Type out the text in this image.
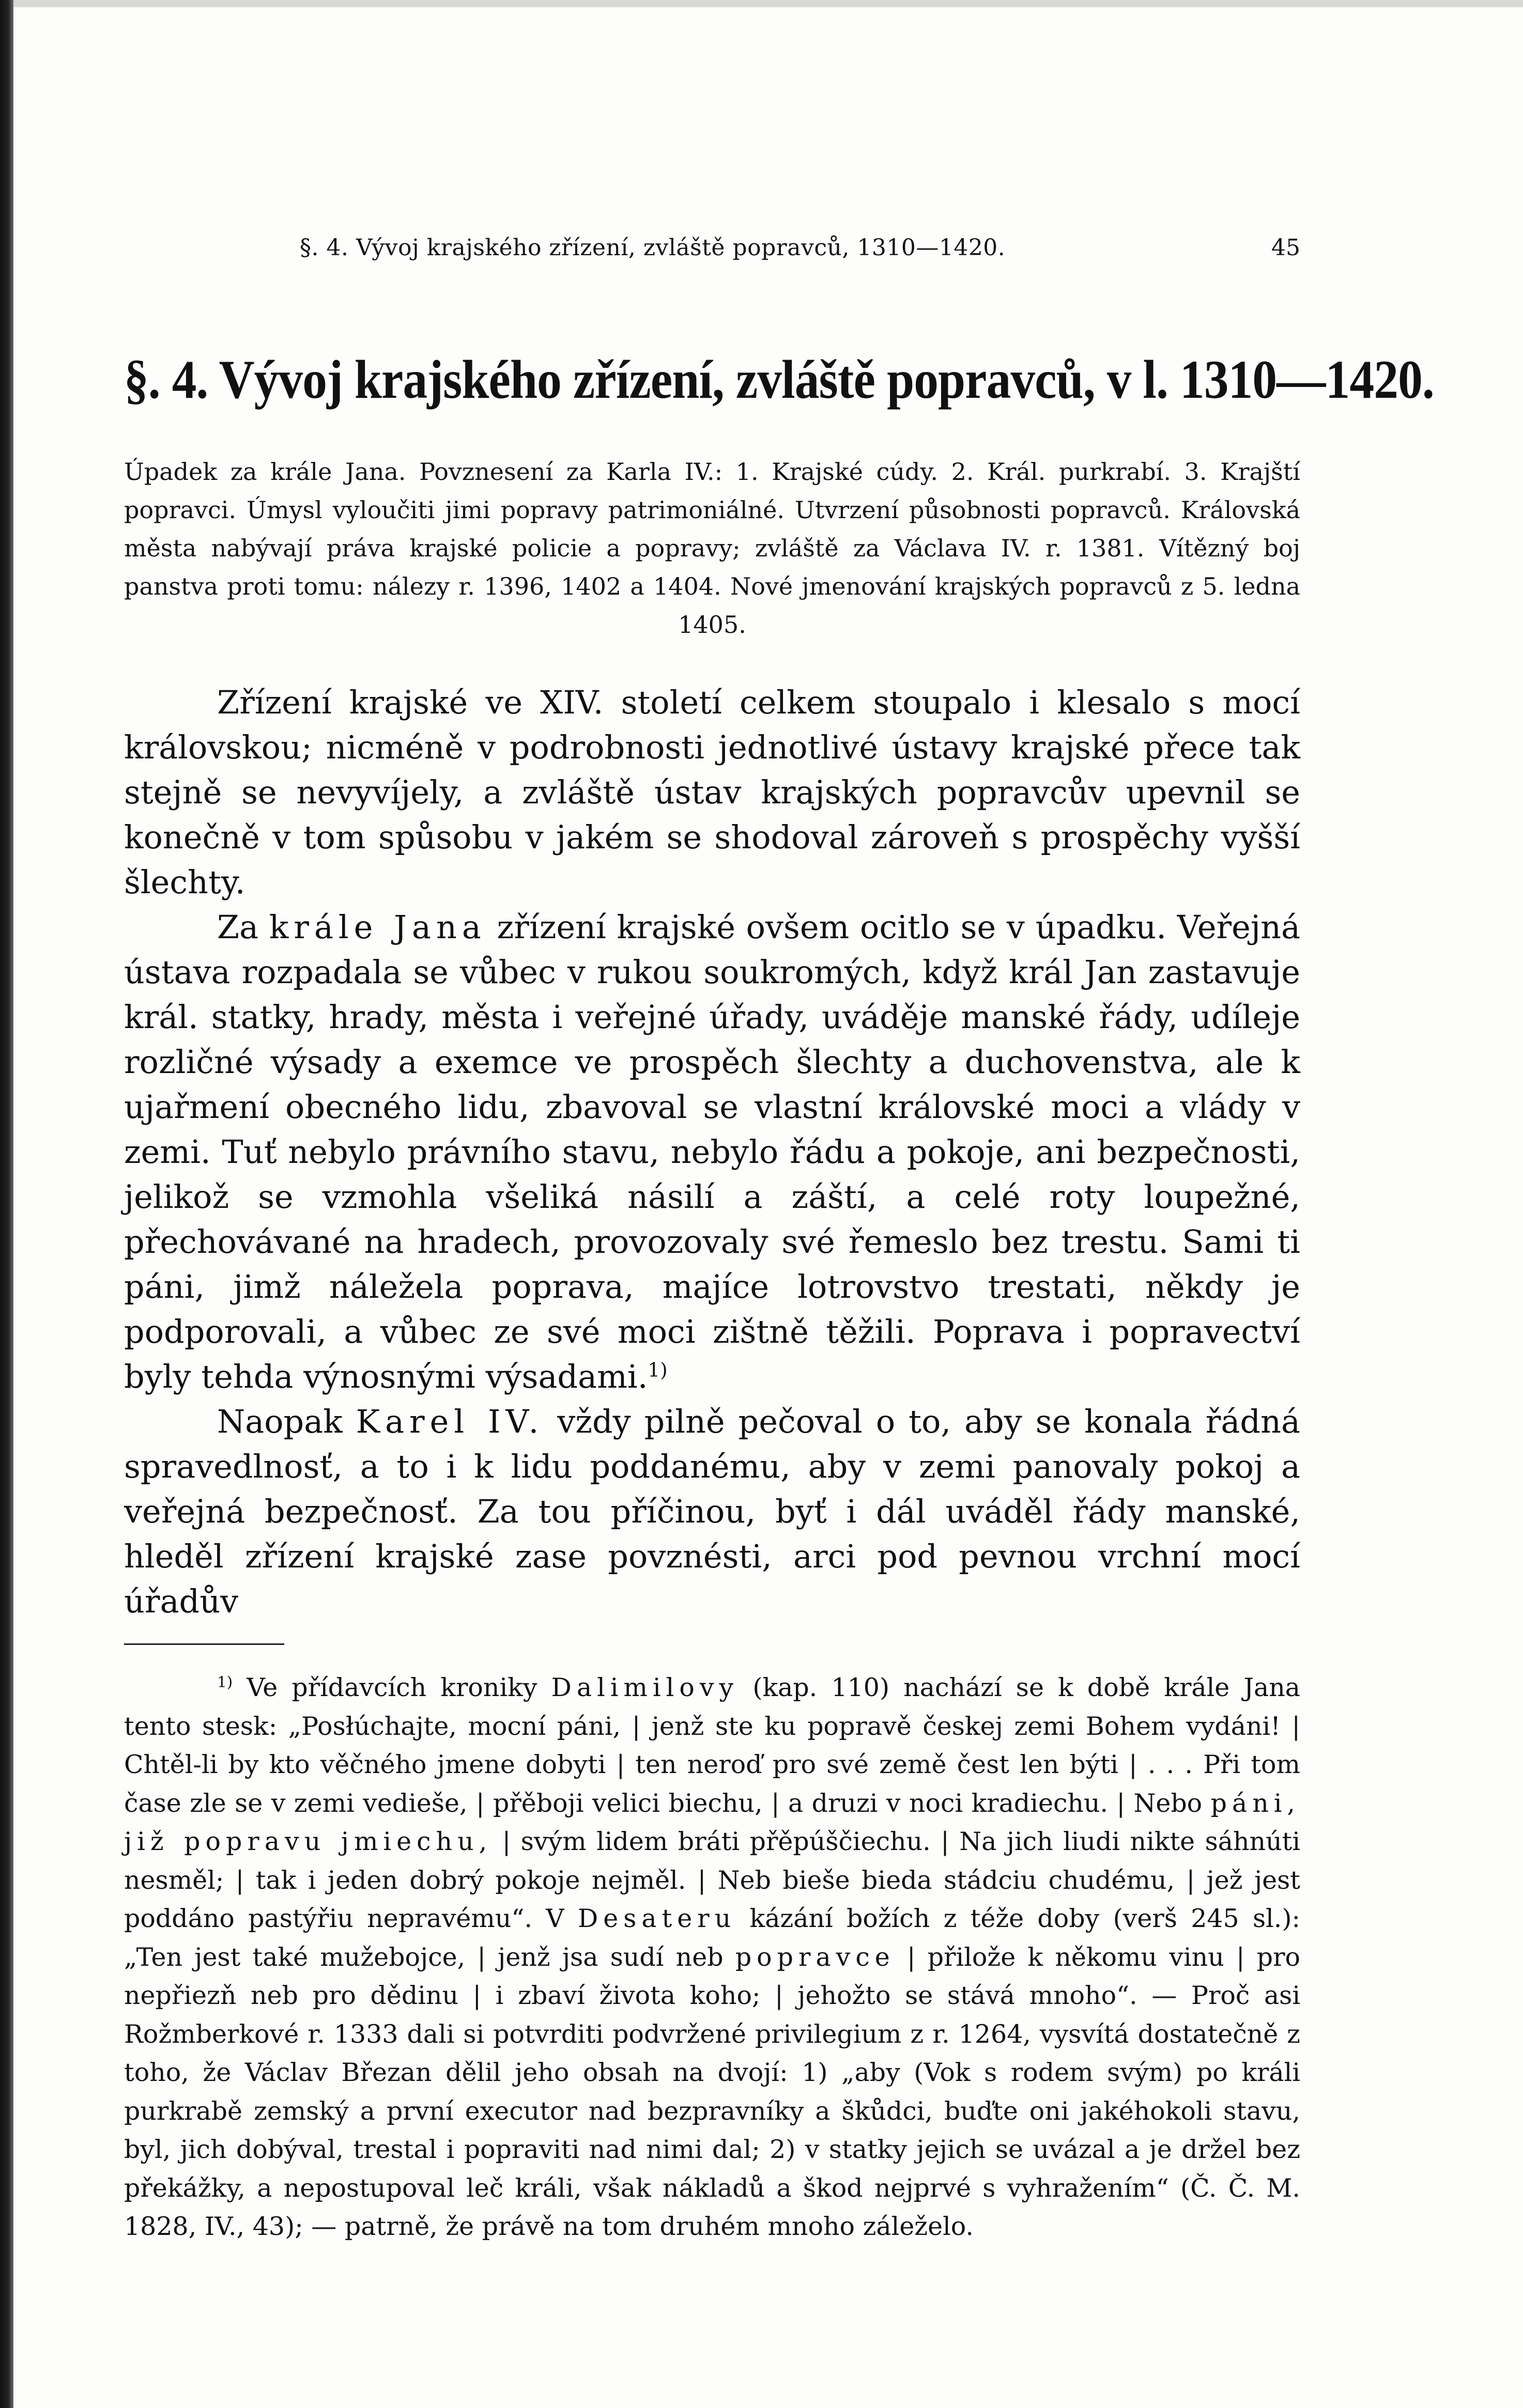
§. 4. Vývoj krajského zřízení, zvláště popravců, 1310—1420.	45
§. 4. Vývoj krajského zřízení, zvláště popravců, v l. 1310—1420.
Úpadek za krále Jana. Povznesení za Karla IV.: 1. Krajské cúdy. 2. Král. purkrabí. 3. Krajští popravci. Úmysl vyloučiti jimi popravy patrimoniálné. Utvrzení působnosti popravců. Královská města nabývají práva krajské policie a popravy; zvláště za Václava IV. r. 1381. Vítězný boj panstva proti tomu: nálezy r. 1396, 1402 a 1404. Nové jmenování krajských popravců z 5. ledna 1405.

Zřízení krajské ve XIV. století celkem stoupalo i klesalo s mocí královskou; nicméně v podrobnosti jednotlivé ústavy krajské přece tak stejně se nevyvíjely, a zvláště ústav krajských popravcův upevnil se konečně v tom spůsobu v jakém se shodoval zároveň s prospěchy vyšší šlechty.

Za krále Jana zřízení krajské ovšem ocitlo se v úpadku. Veřejná ústava rozpadala se vůbec v rukou soukromých, když král Jan zastavuje král. statky, hrady, města i veřejné úřady, uváděje manské řády, udíleje rozličné výsady a exemce ve prospěch šlechty a duchovenstva, ale k ujařmení obecného lidu, zbavoval se vlastní královské moci a vlády v zemi. Tuť nebylo právního stavu, nebylo řádu a pokoje, ani bezpečnosti, jelikož se vzmohla všeliká násilí a záští, a celé roty loupežné, přechovávané na hradech, provozovaly své řemeslo bez trestu. Sami ti páni, jimž náležela poprava, majíce lotrovstvo trestati, někdy je podporovali, a vůbec ze své moci zištně těžili. Poprava i popravectví byly tehda výnosnými výsadami.$^{1)}$

Naopak Karel IV. vždy pilně pečoval o to, aby se konala řádná spravedlnosť, a to i k lidu poddanému, aby v zemi panovaly pokoj a veřejná bezpečnosť. Za tou příčinou, byť i dál uváděl řády manské, hleděl zřízení krajské zase povznésti, arci pod pevnou vrchní mocí úřadův

$^{1)}$ Ve přídavcích kroniky Dalimilovy (kap. 110) nachází se k době krále Jana tento stesk: „Posłúchajte, mocní páni, | jenž ste ku popravě českej zemi Bohem vydáni! | Chtěl-li by kto věčného jmene dobyti | ten neroď pro své země čest len býti | . . . Při tom čase zle se v zemi vedieše, | přěboji velici biechu, | a druzi v noci kradiechu. | Nebo páni, již popravu jmiechu, | svým lidem bráti přěpúščiechu. | Na jich liudi nikte sáhnúti nesměl; | tak i jeden dobrý pokoje nejměl. | Neb bieše bieda stádciu chudému, | jež jest poddáno pastýřiu nepravému“. V Desateru kázání božích z téže doby (verš 245 sl.): „Ten jest také mužebojce, | jenž jsa sudí neb popravce | přilože k někomu vinu | pro nepřiezň neb pro dědinu | i zbaví života koho; | jehožto se stává mnoho“. — Proč asi Rožmberkové r. 1333 dali si potvrditi podvržené privilegium z r. 1264, vysvítá dostatečně z toho, že Václav Březan dělil jeho obsah na dvojí: 1) „aby (Vok s rodem svým) po králi purkrabě zemský a první executor nad bezpravníky a škůdci, buďte oni jakéhokoli stavu, byl, jich dobýval, trestal i popraviti nad nimi dal; 2) v statky jejich se uvázal a je držel bez překážky, a nepostupoval leč králi, však nákladů a škod nejprvé s vyhražením“ (Č. Č. M. 1828, IV., 43); — patrně, že právě na tom druhém mnoho záleželo.
